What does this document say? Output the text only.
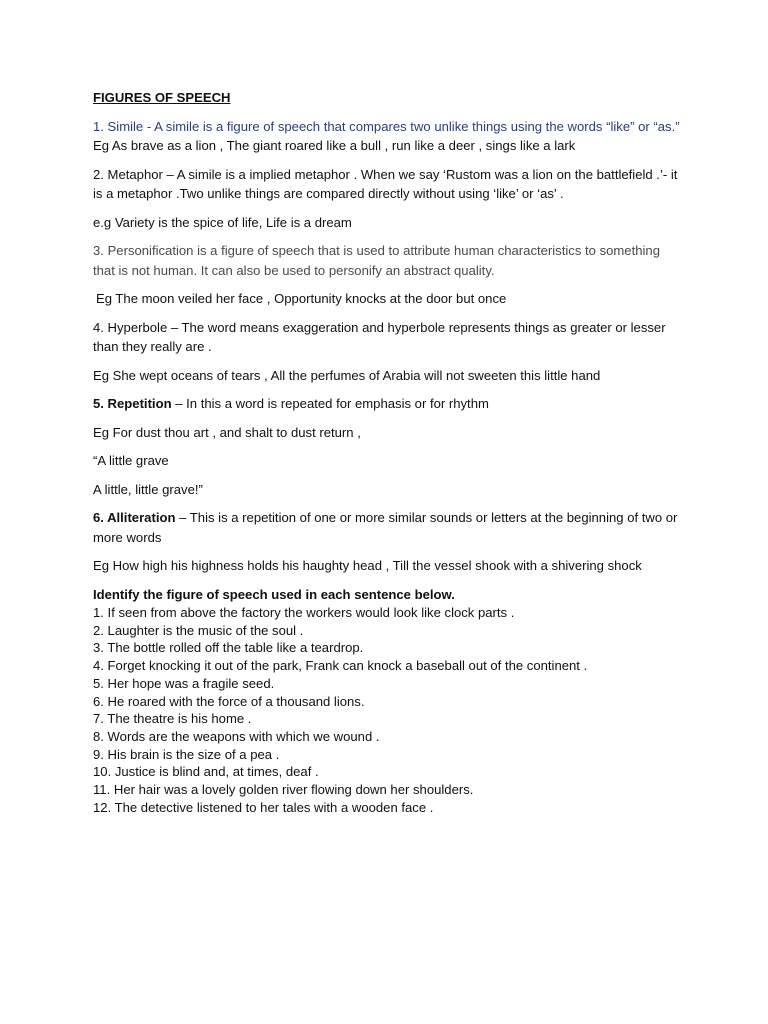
FIGURES OF SPEECH

1. Simile - A simile is a figure of speech that compares two unlike things using the words “like” or “as.” Eg As brave as a lion , The giant roared like a bull , run like a deer , sings like a lark

2. Metaphor – A simile is a implied metaphor . When we say ‘Rustom was a lion on the battlefield .’- it is a metaphor .Two unlike things are compared directly without using ‘like’ or ‘as’ .

e.g Variety is the spice of life, Life is a dream

3. Personification is a figure of speech that is used to attribute human characteristics to something that is not human. It can also be used to personify an abstract quality.

Eg The moon veiled her face , Opportunity knocks at the door but once

4. Hyperbole – The word means exaggeration and hyperbole represents things as greater or lesser than they really are .

Eg She wept oceans of tears , All the perfumes of Arabia will not sweeten this little hand

5. Repetition – In this a word is repeated for emphasis or for rhythm

Eg For dust thou art , and shalt to dust return ,

“A little grave

A little, little grave!”

6. Alliteration – This is a repetition of one or more similar sounds or letters at the beginning of two or more words

Eg How high his highness holds his haughty head , Till the vessel shook with a shivering shock

Identify the figure of speech used in each sentence below.

1. If seen from above the factory the workers would look like clock parts .
2. Laughter is the music of the soul .
3. The bottle rolled off the table like a teardrop.
4. Forget knocking it out of the park, Frank can knock a baseball out of the continent .
5. Her hope was a fragile seed.
6. He roared with the force of a thousand lions.
7. The theatre is his home .
8. Words are the weapons with which we wound .
9. His brain is the size of a pea .
10. Justice is blind and, at times, deaf .
11. Her hair was a lovely golden river flowing down her shoulders.
12. The detective listened to her tales with a wooden face .
